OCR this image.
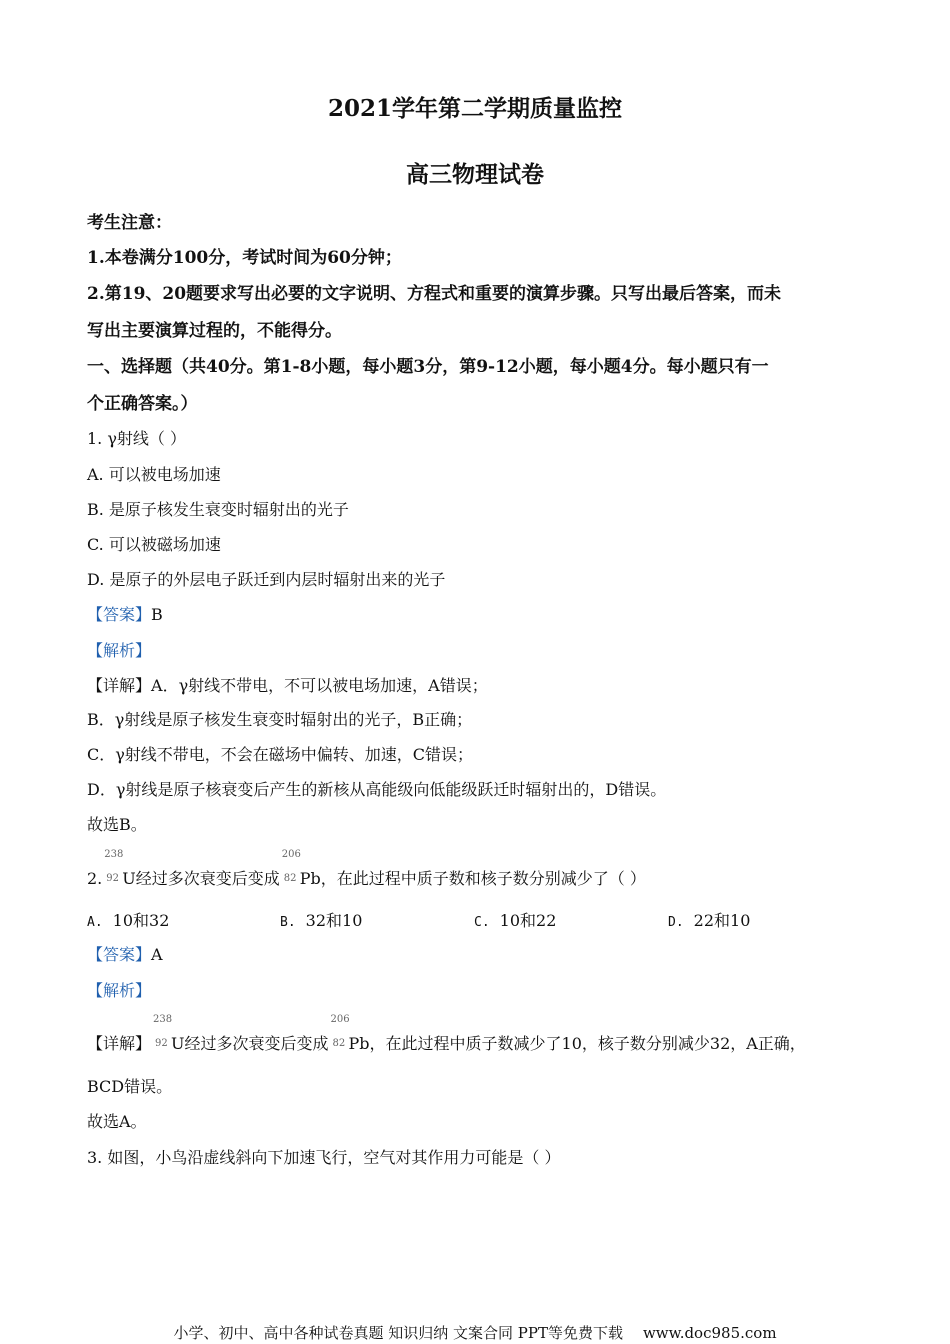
2021学年第二学期质量监控
高三物理试卷
考生注意：
1.本卷满分100分，考试时间为60分钟；
2.第19、20题要求写出必要的文字说明、方程式和重要的演算步骤。只写出最后答案，而未
写出主要演算过程的，不能得分。
一、选择题（共40分。第1-8小题，每小题3分，第9-12小题，每小题4分。每小题只有一
个正确答案。）
1. γ射线（ ）
A. 可以被电场加速
B. 是原子核发生衰变时辐射出的光子
C. 可以被磁场加速
D. 是原子的外层电子跃迁到内层时辐射出来的光子
【答案】B
【解析】
【详解】A．γ射线不带电，不可以被电场加速，A错误；
B．γ射线是原子核发生衰变时辐射出的光子，B正确；
C．γ射线不带电，不会在磁场中偏转、加速，C错误；
D．γ射线是原子核衰变后产生的新核从高能级向低能级跃迁时辐射出的，D错误。
故选B。
2.
238
92 U经过多次衰变后变成
206
82 Pb，在此过程中质子数和核子数分别减少了（ ）
A. 10和32	B. 32和10	C. 10和22	D. 22和10
【答案】A
【解析】
【详解】
238
92 U经过多次衰变后变成
206
82 Pb，在此过程中质子数减少了10，核子数分别减少32，A正确，
BCD错误。
故选A。
3. 如图，小鸟沿虚线斜向下加速飞行，空气对其作用力可能是（ ）
小学、初中、高中各种试卷真题 知识归纳 文案合同 PPT等免费下载 www.doc985.com
